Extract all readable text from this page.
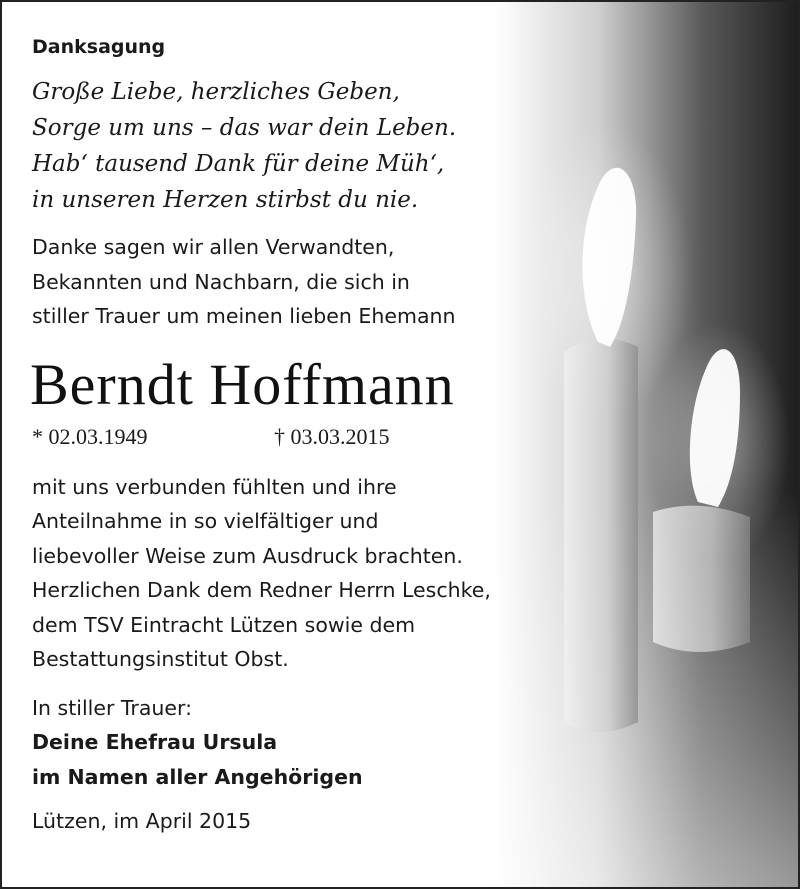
Danksagung
Große Liebe, herzliches Geben,
Sorge um uns – das war dein Leben.
Hab‘ tausend Dank für deine Müh‘,
in unseren Herzen stirbst du nie.
Danke sagen wir allen Verwandten,
Bekannten und Nachbarn, die sich in
stiller Trauer um meinen lieben Ehemann
Berndt Hoffmann
* 02.03.1949	† 03.03.2015
mit uns verbunden fühlten und ihre
Anteilnahme in so vielfältiger und
liebevoller Weise zum Ausdruck brachten.
Herzlichen Dank dem Redner Herrn Leschke,
dem TSV Eintracht Lützen sowie dem
Bestattungsinstitut Obst.
In stiller Trauer:
Deine Ehefrau Ursula
im Namen aller Angehörigen
Lützen, im April 2015
